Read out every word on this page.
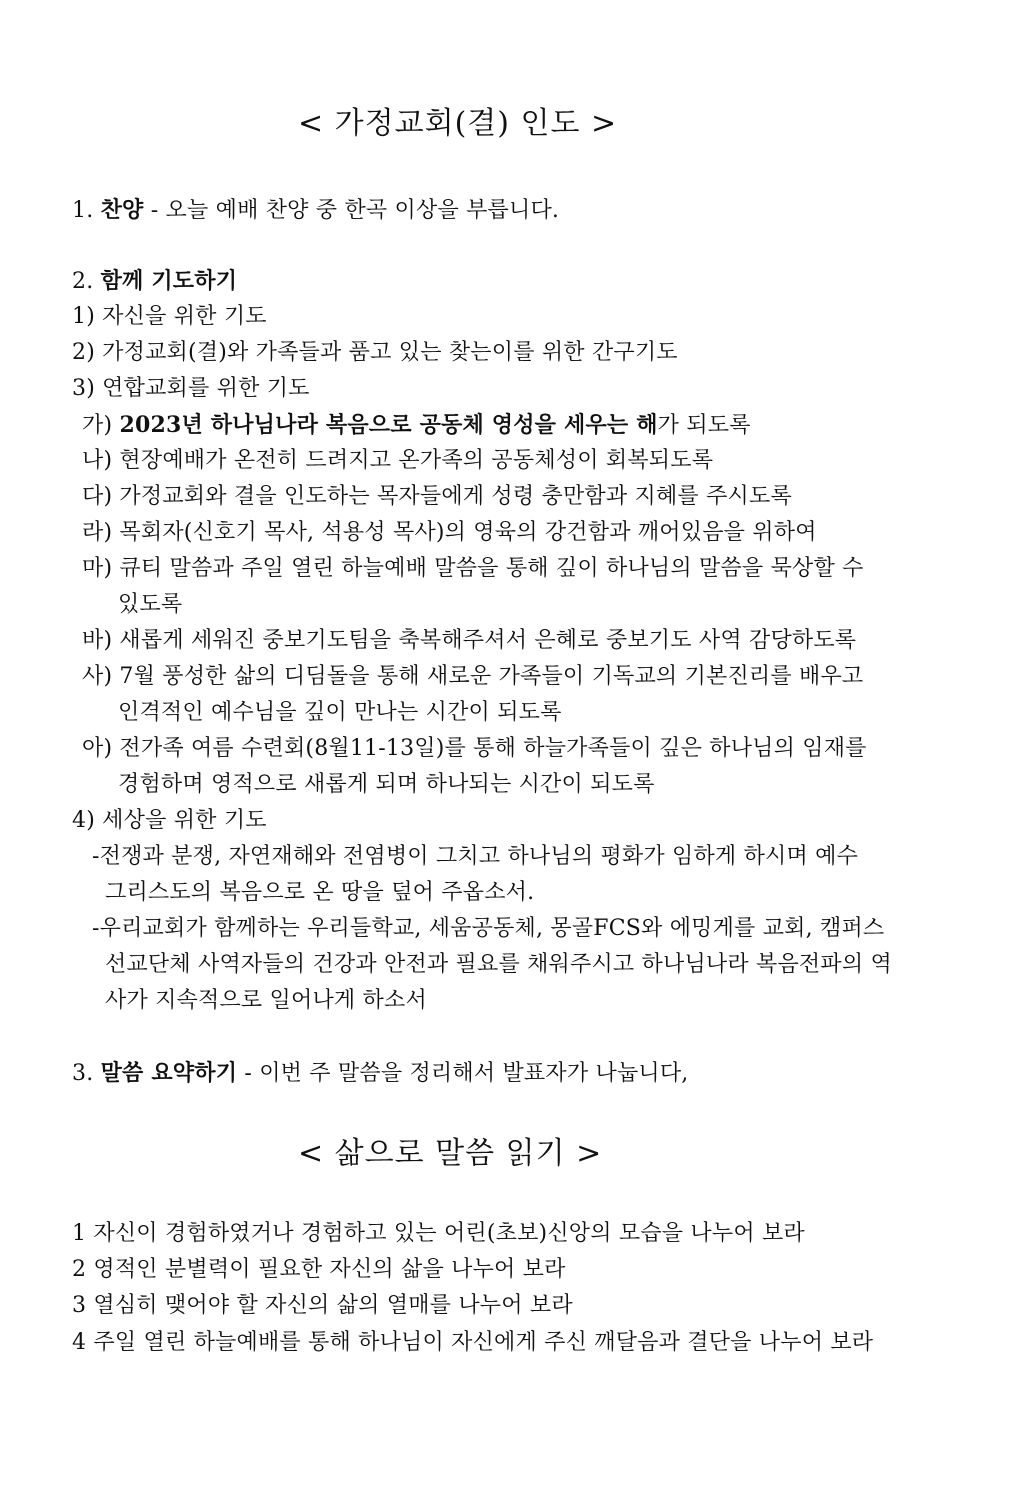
< 가정교회(결) 인도 >
1. 찬양 - 오늘 예배 찬양 중 한곡 이상을 부릅니다.
2. 함께 기도하기
1) 자신을 위한 기도
2) 가정교회(결)와 가족들과 품고 있는 찾는이를 위한 간구기도
3) 연합교회를 위한 기도
가) 2023년 하나님나라 복음으로 공동체 영성을 세우는 해가 되도록
나) 현장예배가 온전히 드려지고 온가족의 공동체성이 회복되도록
다) 가정교회와 결을 인도하는 목자들에게 성령 충만함과 지혜를 주시도록
라) 목회자(신호기 목사, 석용성 목사)의 영육의 강건함과 깨어있음을 위하여
마) 큐티 말씀과 주일 열린 하늘예배 말씀을 통해 깊이 하나님의 말씀을 묵상할 수
있도록
바) 새롭게 세워진 중보기도팀을 축복해주셔서 은혜로 중보기도 사역 감당하도록
사) 7월 풍성한 삶의 디딤돌을 통해 새로운 가족들이 기독교의 기본진리를 배우고
인격적인 예수님을 깊이 만나는 시간이 되도록
아) 전가족 여름 수련회(8월11-13일)를 통해 하늘가족들이 깊은 하나님의 임재를
경험하며 영적으로 새롭게 되며 하나되는 시간이 되도록
4) 세상을 위한 기도
-전쟁과 분쟁, 자연재해와 전염병이 그치고 하나님의 평화가 임하게 하시며 예수
그리스도의 복음으로 온 땅을 덮어 주옵소서.
-우리교회가 함께하는 우리들학교, 세움공동체, 몽골FCS와 에밍게를 교회, 캠퍼스
선교단체 사역자들의 건강과 안전과 필요를 채워주시고 하나님나라 복음전파의 역
사가 지속적으로 일어나게 하소서
3. 말씀 요약하기 - 이번 주 말씀을 정리해서 발표자가 나눕니다,
< 삶으로 말씀 읽기 >
1 자신이 경험하였거나 경험하고 있는 어린(초보)신앙의 모습을 나누어 보라
2 영적인 분별력이 필요한 자신의 삶을 나누어 보라
3 열심히 맺어야 할 자신의 삶의 열매를 나누어 보라
4 주일 열린 하늘예배를 통해 하나님이 자신에게 주신 깨달음과 결단을 나누어 보라
